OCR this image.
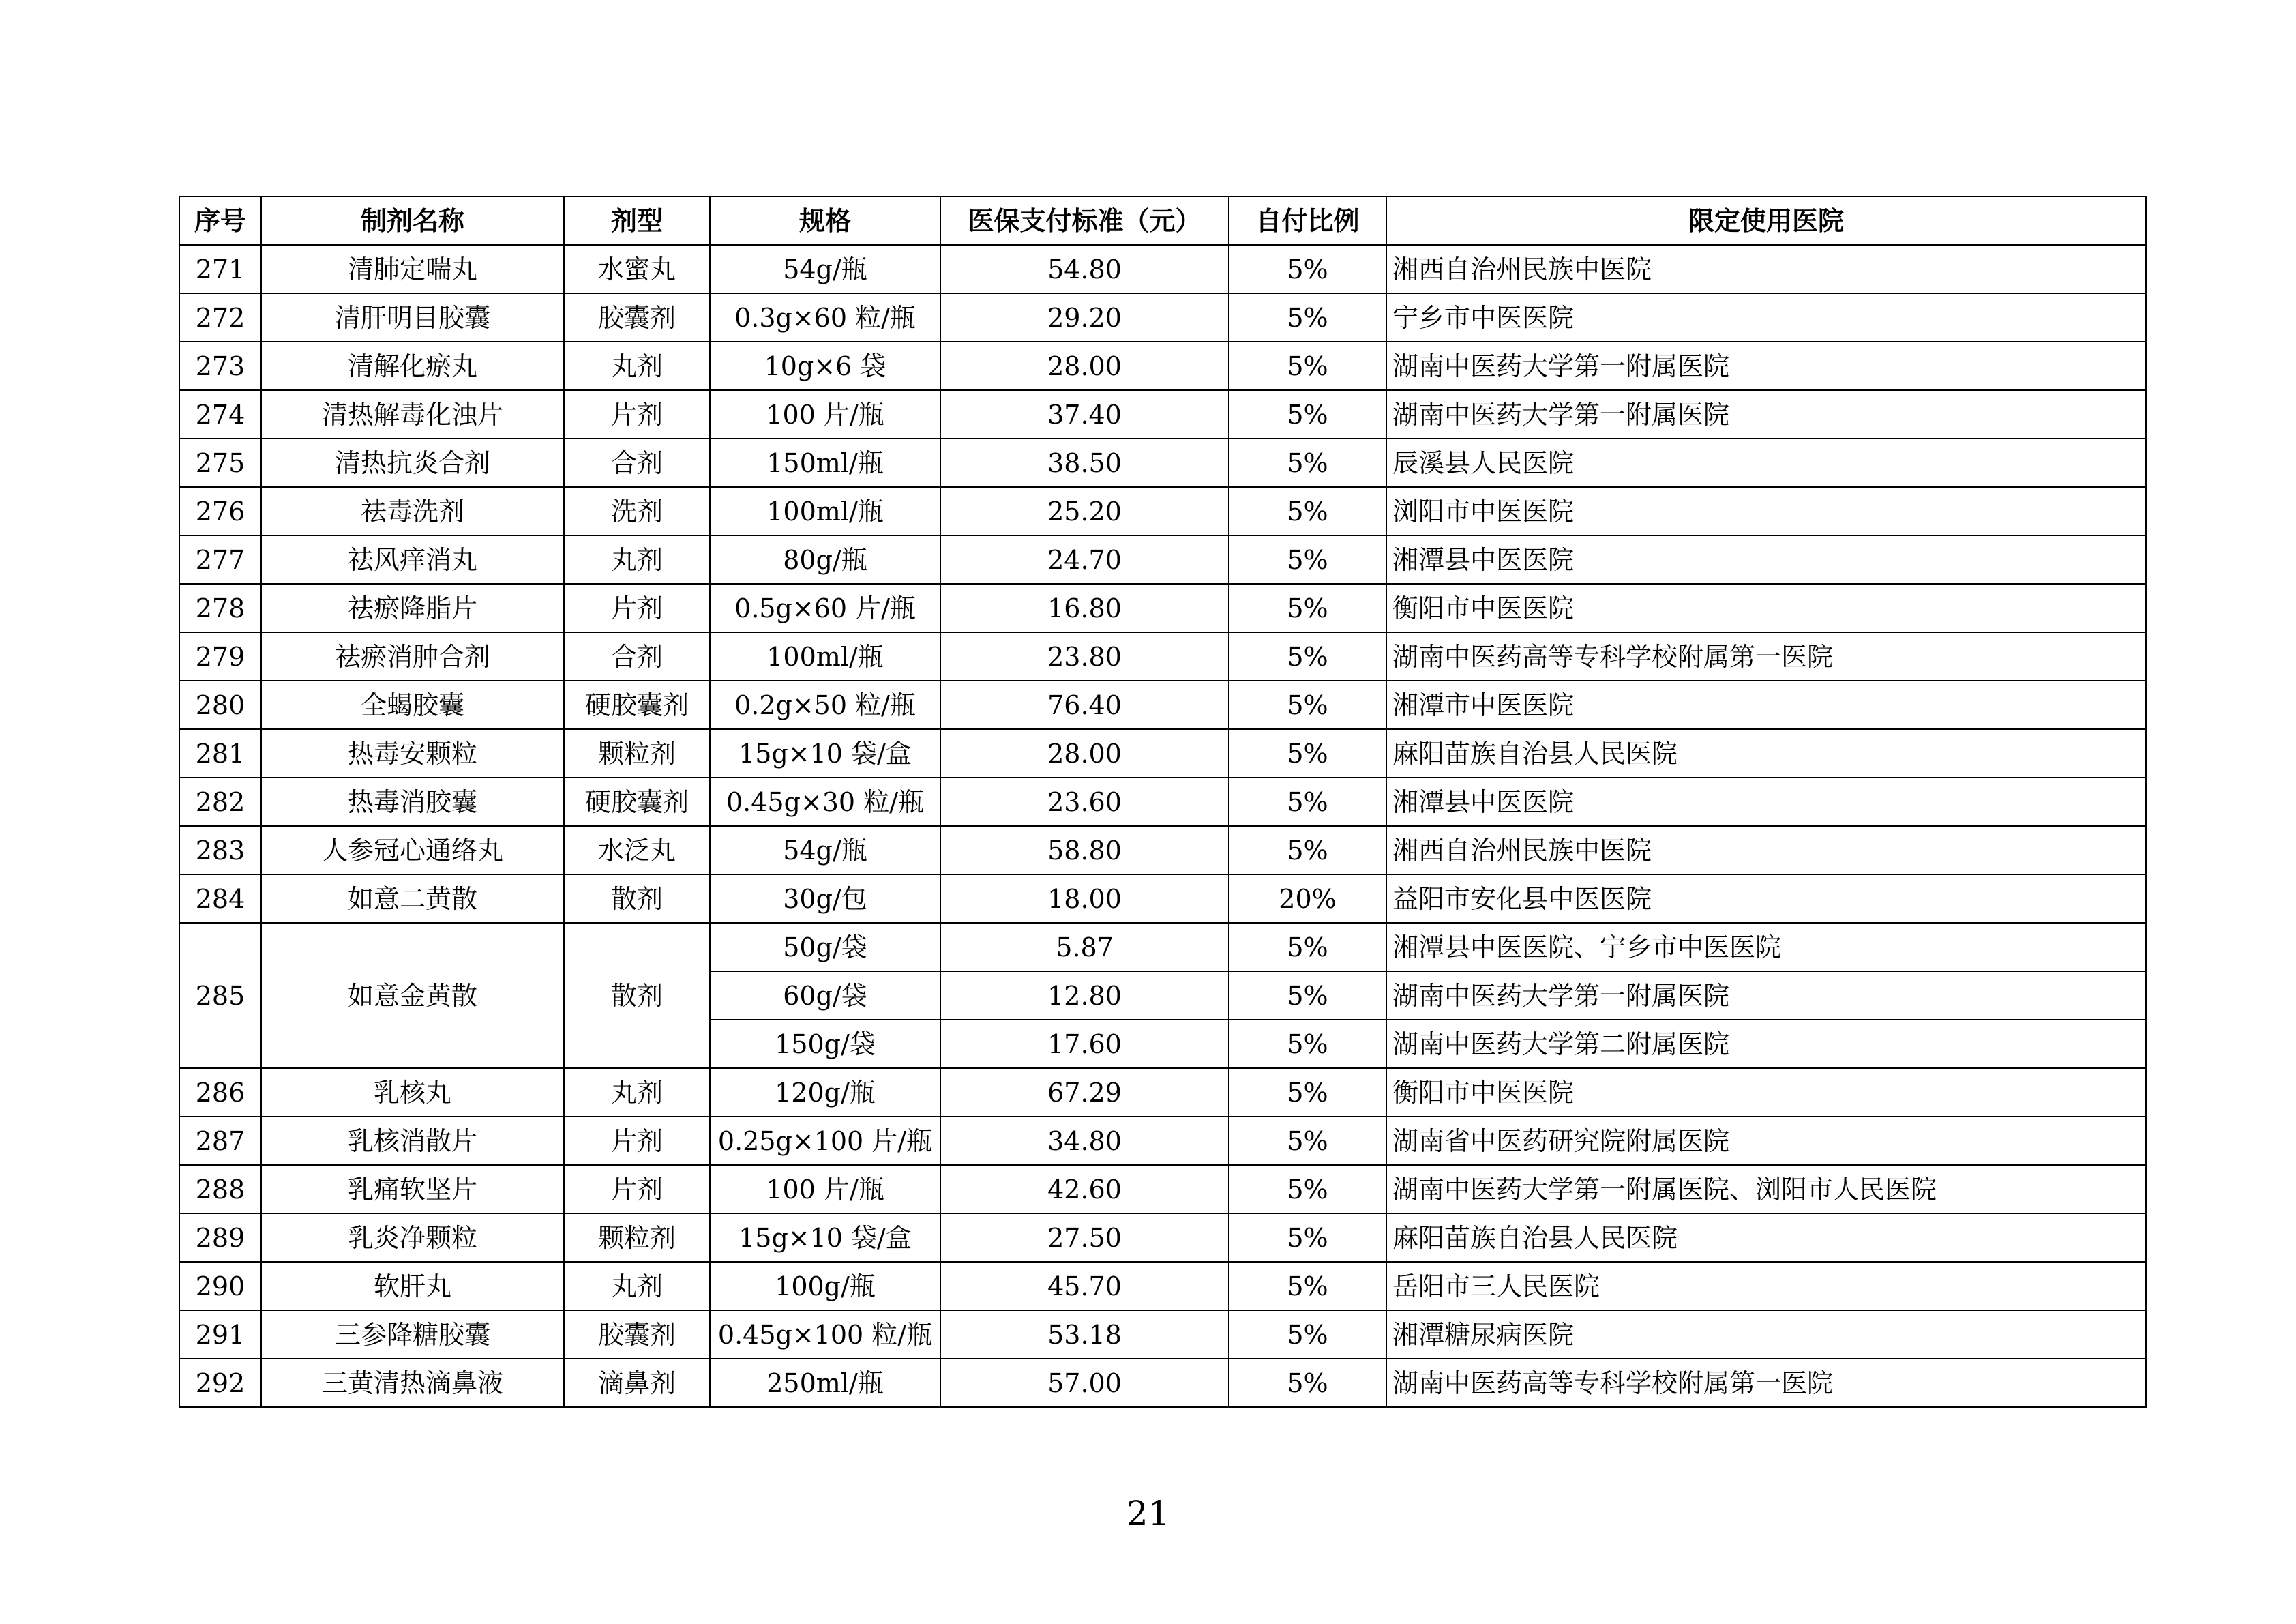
序号	制剂名称	剂型	规格	医保支付标准（元）	自付比例	限定使用医院
271	清肺定喘丸	水蜜丸	54g/瓶	54.80	5%	湘西自治州民族中医院
272	清肝明目胶囊	胶囊剂	0.3g×60 粒/瓶	29.20	5%	宁乡市中医医院
273	清解化瘀丸	丸剂	10g×6 袋	28.00	5%	湖南中医药大学第一附属医院
274	清热解毒化浊片	片剂	100 片/瓶	37.40	5%	湖南中医药大学第一附属医院
275	清热抗炎合剂	合剂	150ml/瓶	38.50	5%	辰溪县人民医院
276	祛毒洗剂	洗剂	100ml/瓶	25.20	5%	浏阳市中医医院
277	祛风痒消丸	丸剂	80g/瓶	24.70	5%	湘潭县中医医院
278	祛瘀降脂片	片剂	0.5g×60 片/瓶	16.80	5%	衡阳市中医医院
279	祛瘀消肿合剂	合剂	100ml/瓶	23.80	5%	湖南中医药高等专科学校附属第一医院
280	全蝎胶囊	硬胶囊剂	0.2g×50 粒/瓶	76.40	5%	湘潭市中医医院
281	热毒安颗粒	颗粒剂	15g×10 袋/盒	28.00	5%	麻阳苗族自治县人民医院
282	热毒消胶囊	硬胶囊剂	0.45g×30 粒/瓶	23.60	5%	湘潭县中医医院
283	人参冠心通络丸	水泛丸	54g/瓶	58.80	5%	湘西自治州民族中医院
284	如意二黄散	散剂	30g/包	18.00	20%	益阳市安化县中医医院
285	如意金黄散	散剂	50g/袋	5.87	5%	湘潭县中医医院、宁乡市中医医院
			60g/袋	12.80	5%	湖南中医药大学第一附属医院
			150g/袋	17.60	5%	湖南中医药大学第二附属医院
286	乳核丸	丸剂	120g/瓶	67.29	5%	衡阳市中医医院
287	乳核消散片	片剂	0.25g×100 片/瓶	34.80	5%	湖南省中医药研究院附属医院
288	乳痛软坚片	片剂	100 片/瓶	42.60	5%	湖南中医药大学第一附属医院、浏阳市人民医院
289	乳炎净颗粒	颗粒剂	15g×10 袋/盒	27.50	5%	麻阳苗族自治县人民医院
290	软肝丸	丸剂	100g/瓶	45.70	5%	岳阳市三人民医院
291	三参降糖胶囊	胶囊剂	0.45g×100 粒/瓶	53.18	5%	湘潭糖尿病医院
292	三黄清热滴鼻液	滴鼻剂	250ml/瓶	57.00	5%	湖南中医药高等专科学校附属第一医院
21
